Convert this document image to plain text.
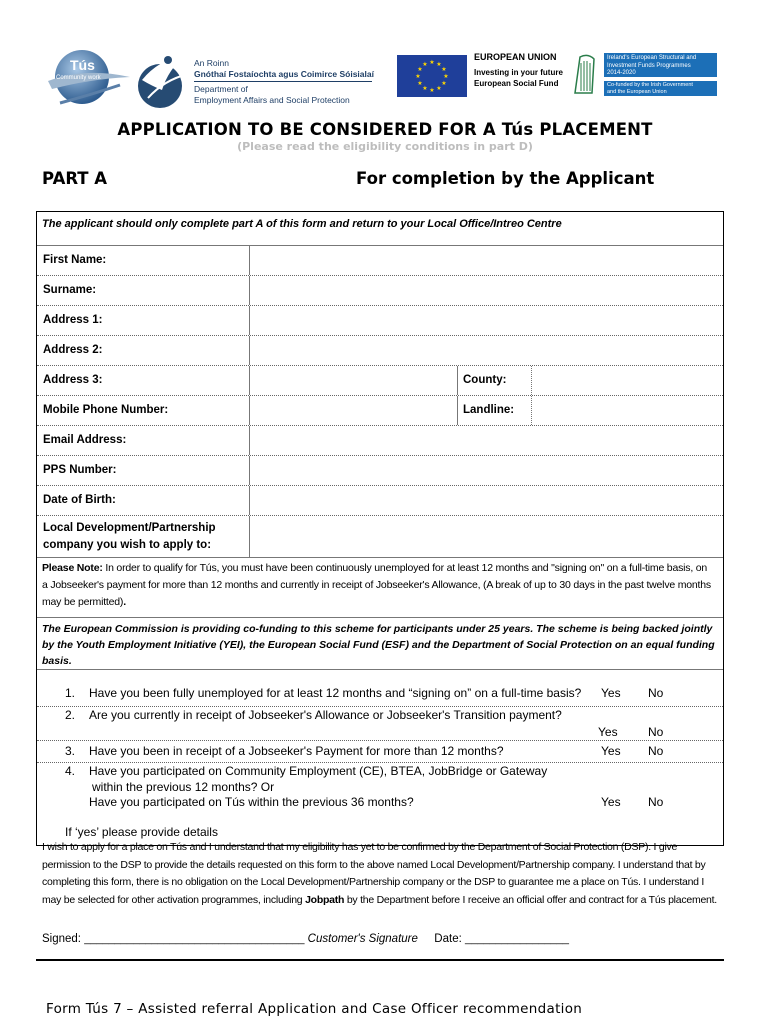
Tús
Community work
An Roinn
Gnóthaí Fostaíochta agus Coimirce Sóisialaí
Department of
Employment Affairs and Social Protection
★ ★
★
★
★
★
★
★
★
★
★
★
EUROPEAN UNION
Investing in your future
European Social Fund
Ireland's European Structural and
Investment Funds Programmes
2014-2020
Co-funded by the Irish Government
and the European Union
APPLICATION TO BE CONSIDERED FOR A Tús PLACEMENT
(Please read the eligibility conditions in part D)
PART A	For completion by the Applicant
The applicant should only complete part A of this form and return to your Local Office/Intreo Centre
First Name:
Surname:
Address 1:
Address 2:
Address 3:	County:
Mobile Phone Number:	Landline:
Email Address:
PPS Number:
Date of Birth:
Local Development/Partnership
company you wish to apply to:
Please Note: In order to qualify for Tús, you must have been continuously unemployed for at least 12 months and "signing on" on a full-time basis, on a Jobseeker's payment for more than 12 months and currently in receipt of Jobseeker's Allowance, (A break of up to 30 days in the past twelve months may be permitted).
The European Commission is providing co-funding to this scheme for participants under 25 years. The scheme is being backed jointly by the Youth Employment Initiative (YEI), the European Social Fund (ESF) and the Department of Social Protection on an equal funding basis.
1. Have you been fully unemployed for at least 12 months and “signing on” on a full-time basis? Yes No
2. Are you currently in receipt of Jobseeker's Allowance or Jobseeker's Transition payment?
Yes	No
3. Have you been in receipt of a Jobseeker's Payment for more than 12 months?	Yes No
4. Have you participated on Community Employment (CE), BTEA, JobBridge or Gateway
within the previous 12 months? Or
Have you participated on Tús within the previous 36 months?	Yes No
If ‘yes’ please provide details
I wish to apply for a place on Tús and I understand that my eligibility has yet to be confirmed by the Department of Social Protection (DSP). I give permission to the DSP to provide the details requested on this form to the above named Local Development/Partnership company. I understand that by completing this form, there is no obligation on the Local Development/Partnership company or the DSP to guarantee me a place on Tús. I understand I may be selected for other activation programmes, including Jobpath by the Department before I receive an official offer and contract for a Tús placement.
Signed: ____________________________________ Customer's Signature Date: _________________
Form Tús 7 – Assisted referral Application and Case Officer recommendation
